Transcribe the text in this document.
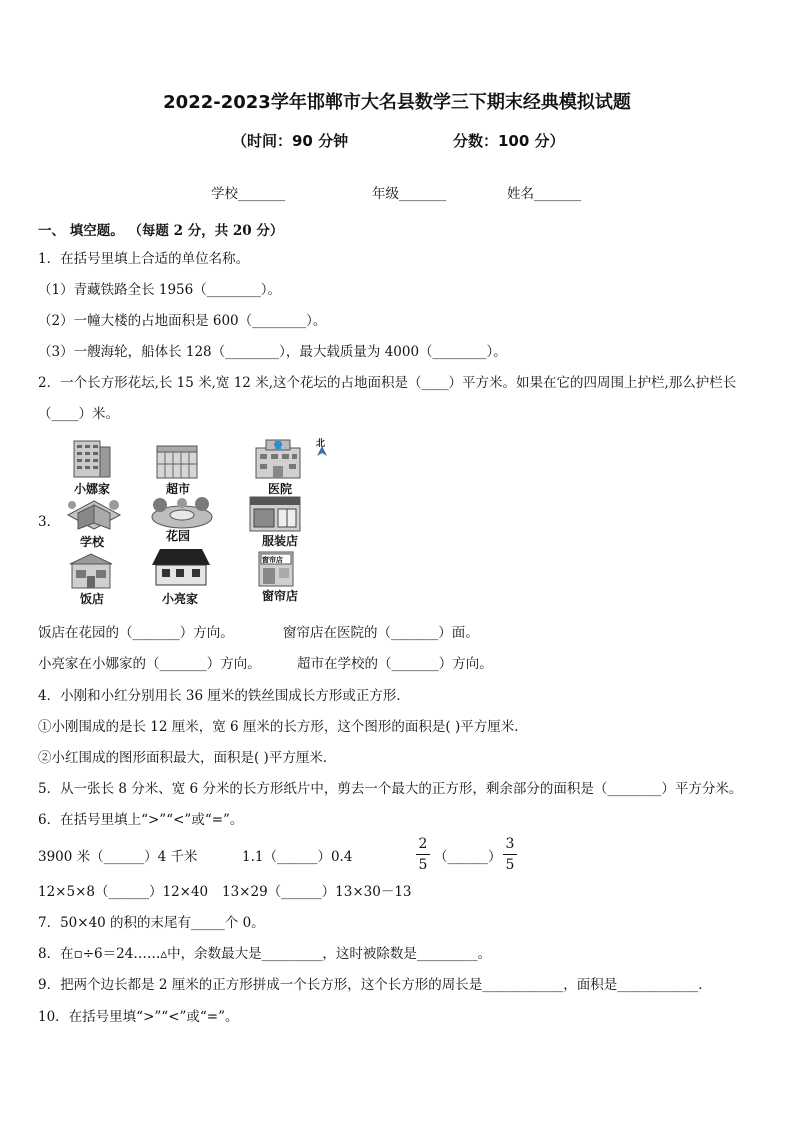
2022-2023学年邯郸市大名县数学三下期末经典模拟试题
（时间：90 分钟	分数：100 分）
学校_______	年级_______	姓名_______
一、 填空题。 （每题 2 分，共 20 分）
1．在括号里填上合适的单位名称。
（1）青藏铁路全长 1956（________）。
（2）一幢大楼的占地面积是 600（________）。
（3）一艘海轮，船体长 128（________），最大载质量为 4000（________）。
2．一个长方形花坛,长 15 米,宽 12 米,这个花坛的占地面积是（____）平方米。如果在它的四周围上护栏,那么护栏长
（____）米。
3．
北
小娜家	超市	医院
学校	花园	服装店
饭店	小亮家
窗帘店
窗帘店
饭店在花园的（_______）方向。	窗帘店在医院的（_______）面。
小亮家在小娜家的（_______）方向。	超市在学校的（_______）方向。
4．小刚和小红分别用长 36 厘米的铁丝围成长方形或正方形．
①小刚围成的是长 12 厘米，宽 6 厘米的长方形，这个图形的面积是( )平方厘米．
②小红围成的图形面积最大，面积是( )平方厘米．
5．从一张长 8 分米、宽 6 分米的长方形纸片中，剪去一个最大的正方形，剩余部分的面积是（________）平方分米。
6．在括号里填上“>”“<”或“=”。
3900 米（______）4 千米	1.1（______）0.4
2
5 （______）
3
5
12×5×8（______）12×40 13×29（______）13×30－13
7．50×40 的积的末尾有_____个 0。
8．在▫÷6＝24……▵中，余数最大是_________，这时被除数是_________。
9．把两个边长都是 2 厘米的正方形拼成一个长方形，这个长方形的周长是____________，面积是____________．
10．在括号里填“>”“<”或“=”。
